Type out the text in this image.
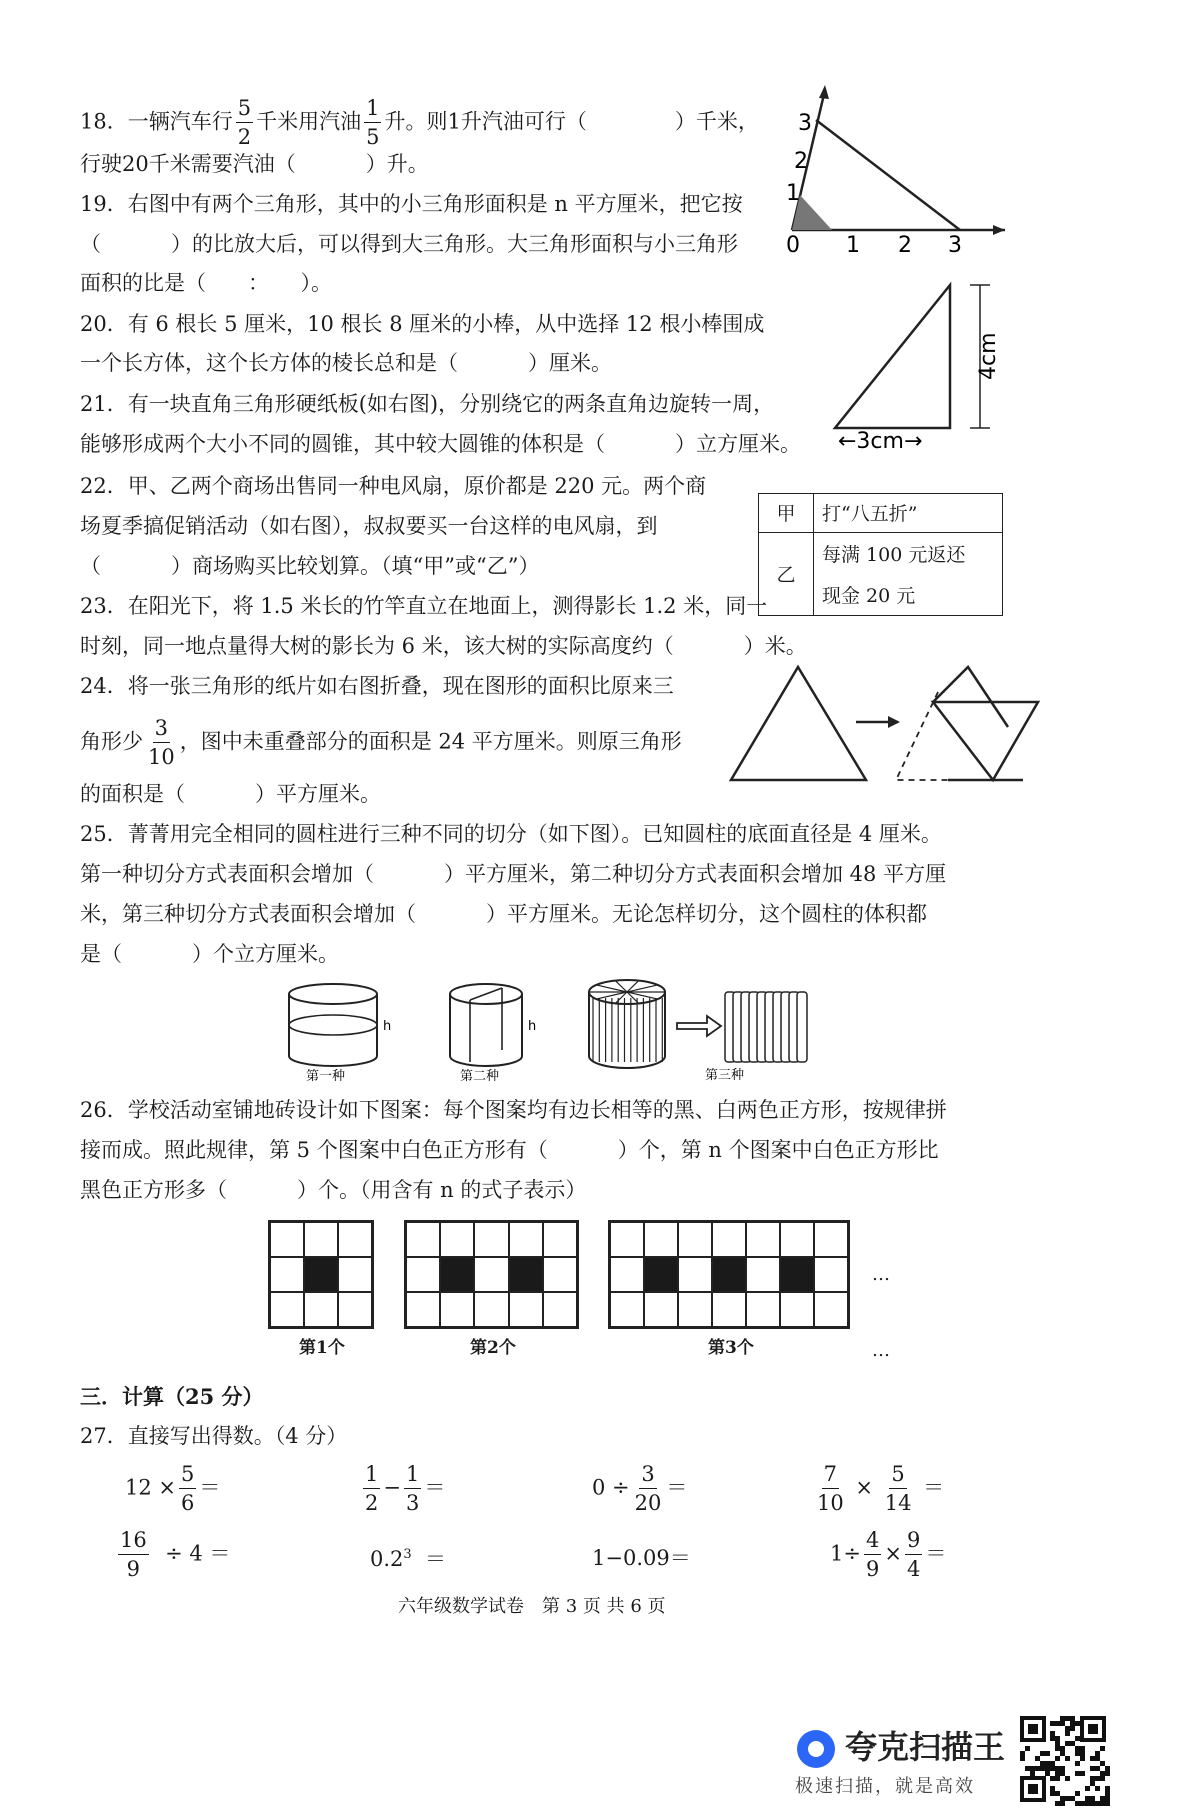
18．一辆汽车行 $\frac{5}{2}$ 千米用汽油 $\frac{1}{5}$ 升。则1升汽油可行（	）千米，
行驶20千米需要汽油（	）升。
19．右图中有两个三角形，其中的小三角形面积是 n 平方厘米，把它按
（	）的比放大后，可以得到大三角形。大三角形面积与小三角形
面积的比是（　　：　　）。
0 1 2 3
1
2
3
20．有 6 根长 5 厘米，10 根长 8 厘米的小棒，从中选择 12 根小棒围成
一个长方体，这个长方体的棱长总和是（	）厘米。	4cm
←3cm→
21．有一块直角三角形硬纸板(如右图)，分别绕它的两条直角边旋转一周，
能够形成两个大小不同的圆锥，其中较大圆锥的体积是（	）立方厘米。
22．甲、乙两个商场出售同一种电风扇，原价都是 220 元。两个商
场夏季搞促销活动（如右图），叔叔要买一台这样的电风扇，到
（	）商场购买比较划算。（填“甲”或“乙”）
甲	打“八五折”
乙	每满 100 元返还
现金 20 元
23．在阳光下，将 1.5 米长的竹竿直立在地面上，测得影长 1.2 米，同一
时刻，同一地点量得大树的影长为 6 米，该大树的实际高度约（	）米。
24．将一张三角形的纸片如右图折叠，现在图形的面积比原来三
角形少 $\frac{3}{10}$ ，图中未重叠部分的面积是 24 平方厘米。则原三角形
的面积是（	）平方厘米。
25．菁菁用完全相同的圆柱进行三种不同的切分（如下图）。已知圆柱的底面直径是 4 厘米。
第一种切分方式表面积会增加（	）平方厘米，第二种切分方式表面积会增加 48 平方厘
米，第三种切分方式表面积会增加（	）平方厘米。无论怎样切分，这个圆柱的体积都
是（	）个立方厘米。
h
第一种
h
第二种	第三种
26．学校活动室铺地砖设计如下图案：每个图案均有边长相等的黑、白两色正方形，按规律拼
接而成。照此规律，第 5 个图案中白色正方形有（	）个，第 n 个图案中白色正方形比
黑色正方形多（	）个。（用含有 n 的式子表示）
…
第1个	第2个	第3个	…
三．计算（25 分）
27．直接写出得数。（4 分）
$12 \times \frac{5}{6}$ ＝	$\frac{1}{2} - \frac{1}{3}$ ＝	$0 \div \frac{3}{20}$ ＝	$\frac{7}{10} \times \frac{5}{14}$ ＝
$\frac{16}{9} \div 4$ ＝	$0.2^3$ ＝	1−0.09＝	$1\div \frac{4}{9} \times \frac{9}{4}$ ＝
六年级数学试卷　第 3 页 共 6 页
夸克扫描王
极速扫描，就是高效
